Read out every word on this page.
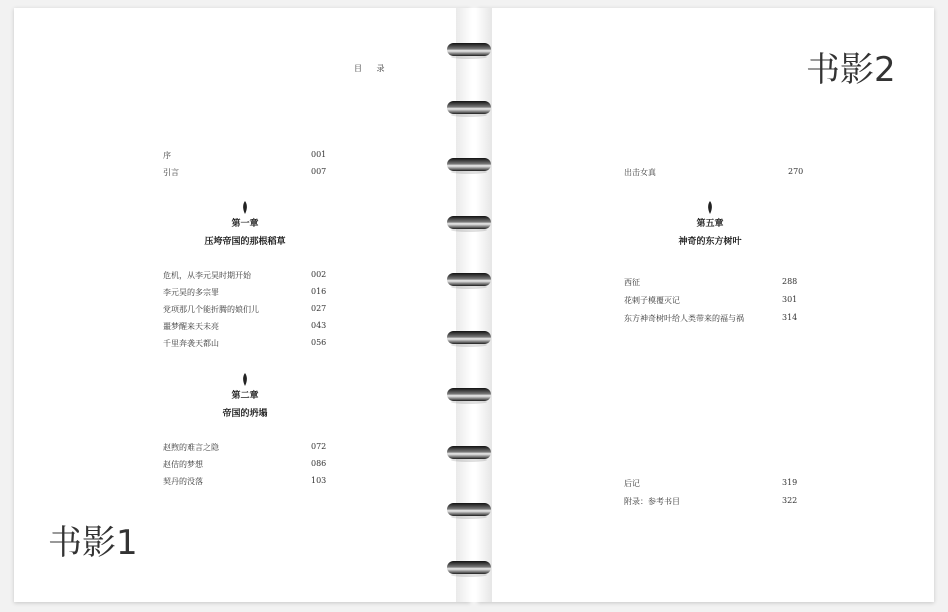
目 录
序	001
引言	007
第一章
压垮帝国的那根稻草
危机，从李元昊时期开始	002
李元昊的多宗罪	016
党项那几个能折腾的娘们儿	027
噩梦醒来天未亮	043
千里奔袭天都山	056
第二章
帝国的坍塌
赵煦的难言之隐	072
赵佶的梦想	086
契丹的没落	103
书影1
书影2
出击女真	270
第五章
神奇的东方树叶
西征	288
花剌子模覆灭记	301
东方神奇树叶给人类带来的福与祸	314
后记	319
附录：参考书目	322
